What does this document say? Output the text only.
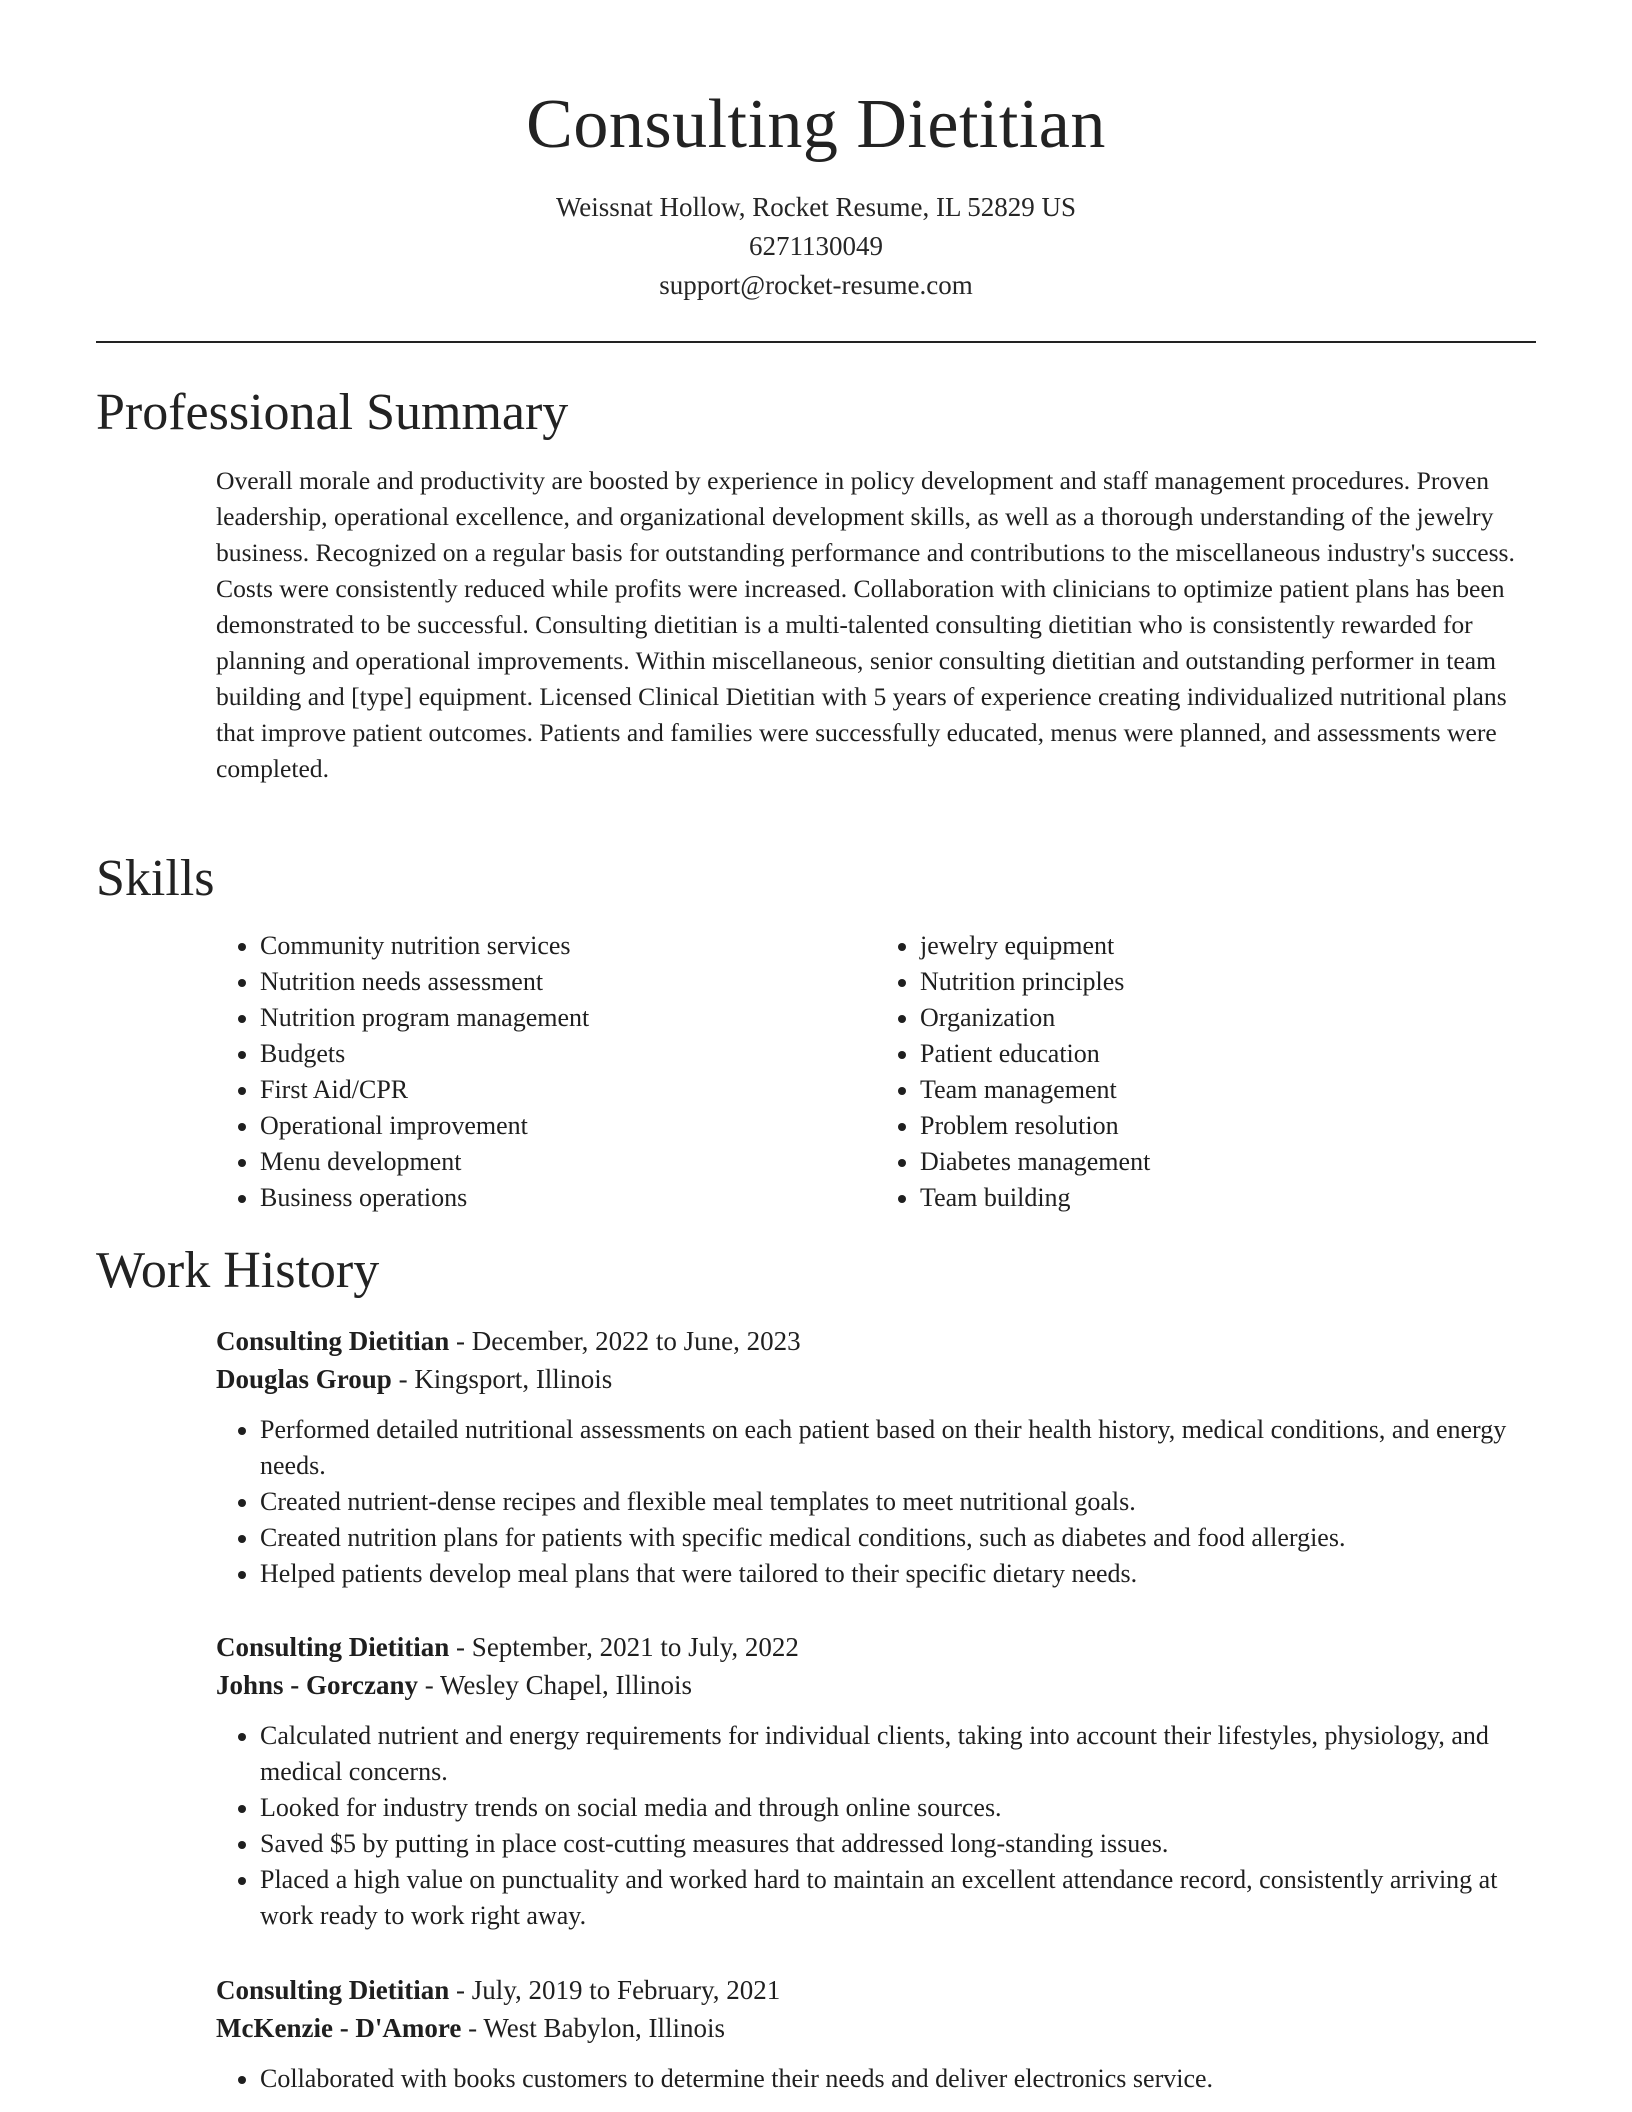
Consulting Dietitian
Weissnat Hollow, Rocket Resume, IL 52829 US
6271130049
support@rocket-resume.com
Professional Summary

Overall morale and productivity are boosted by experience in policy development and staff management procedures. Proven leadership, operational excellence, and organizational development skills, as well as a thorough understanding of the jewelry business. Recognized on a regular basis for outstanding performance and contributions to the miscellaneous industry's success. Costs were consistently reduced while profits were increased. Collaboration with clinicians to optimize patient plans has been demonstrated to be successful. Consulting dietitian is a multi-talented consulting dietitian who is consistently rewarded for planning and operational improvements. Within miscellaneous, senior consulting dietitian and outstanding performer in team building and [type] equipment. Licensed Clinical Dietitian with 5 years of experience creating individualized nutritional plans that improve patient outcomes. Patients and families were successfully educated, menus were planned, and assessments were completed.

Skills
• Community nutrition services
• Nutrition needs assessment
• Nutrition program management
• Budgets
• First Aid/CPR
• Operational improvement
• Menu development
• Business operations
• jewelry equipment
• Nutrition principles
• Organization
• Patient education
• Team management
• Problem resolution
• Diabetes management
• Team building
Work History
Consulting Dietitian - December, 2022 to June, 2023
Douglas Group - Kingsport, Illinois
• Performed detailed nutritional assessments on each patient based on their health history, medical conditions, and energy needs.
• Created nutrient-dense recipes and flexible meal templates to meet nutritional goals.
• Created nutrition plans for patients with specific medical conditions, such as diabetes and food allergies.
• Helped patients develop meal plans that were tailored to their specific dietary needs.
Consulting Dietitian - September, 2021 to July, 2022
Johns - Gorczany - Wesley Chapel, Illinois
• Calculated nutrient and energy requirements for individual clients, taking into account their lifestyles, physiology, and medical concerns.
• Looked for industry trends on social media and through online sources.
• Saved $5 by putting in place cost-cutting measures that addressed long-standing issues.
• Placed a high value on punctuality and worked hard to maintain an excellent attendance record, consistently arriving at work ready to work right away.
Consulting Dietitian - July, 2019 to February, 2021
McKenzie - D'Amore - West Babylon, Illinois
• Collaborated with books customers to determine their needs and deliver electronics service.
